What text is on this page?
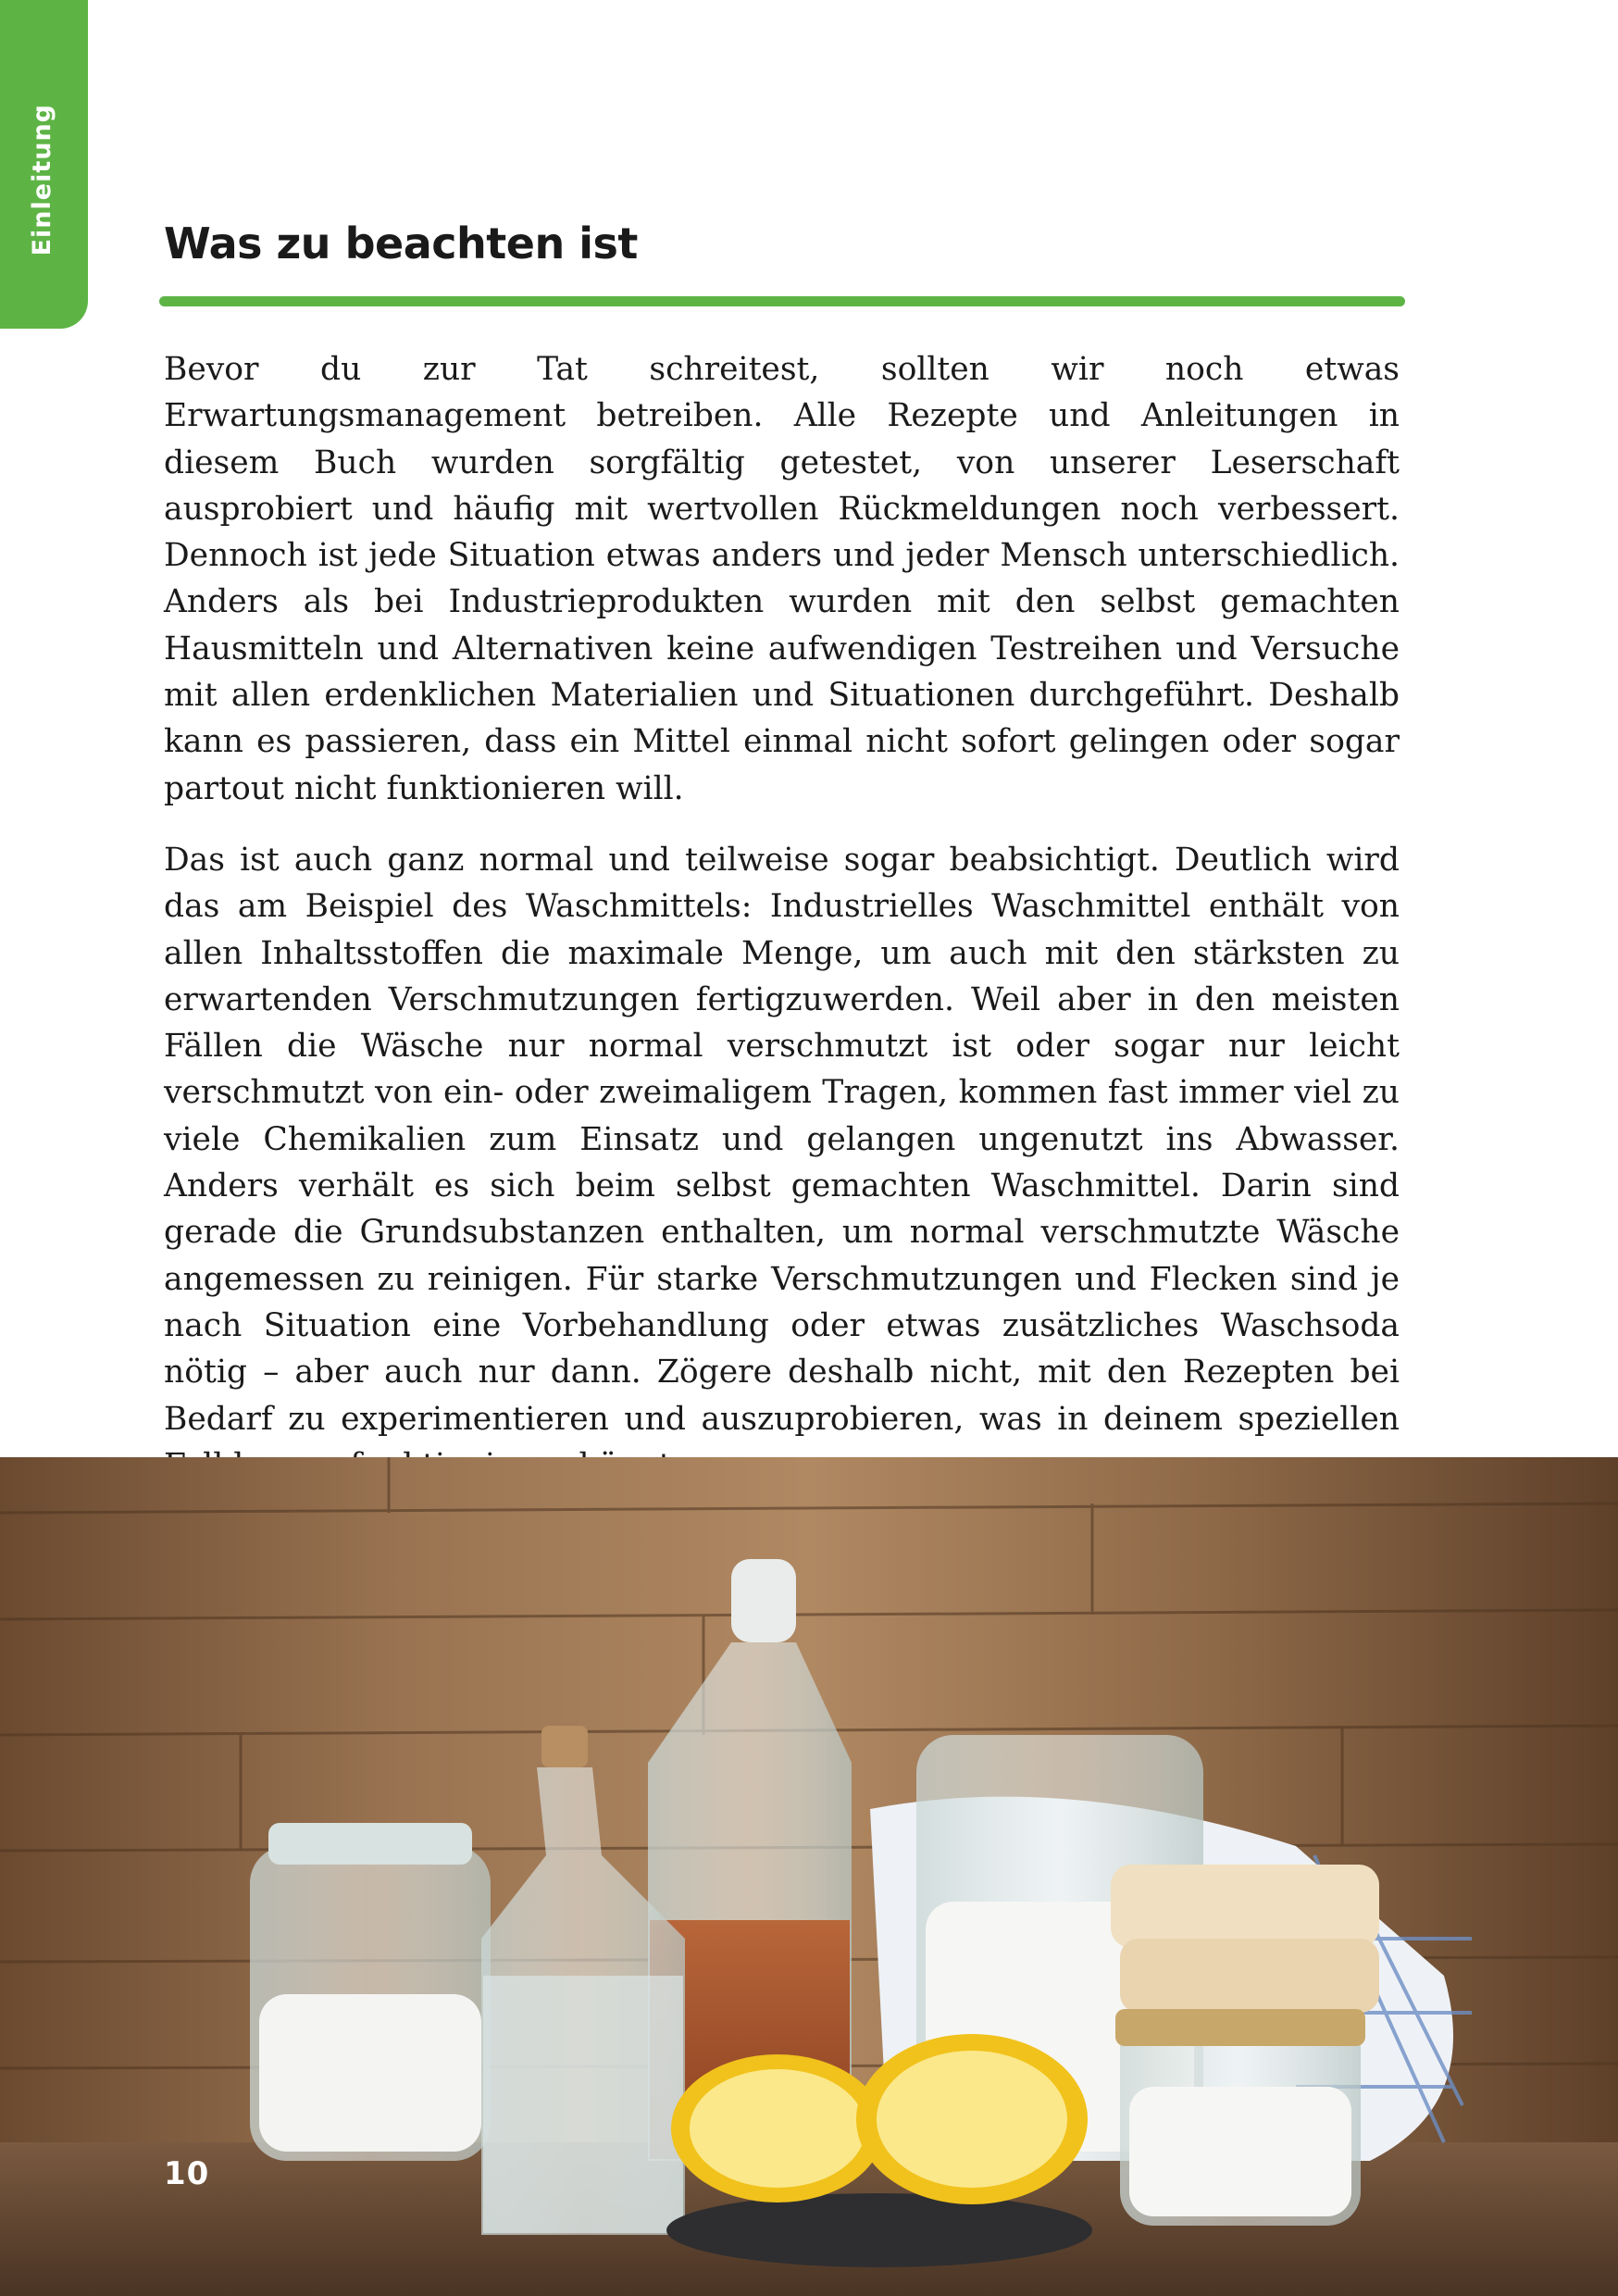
Einleitung	Was zu beachten ist

Bevor du zur Tat schreitest, sollten wir noch etwas Erwartungsmanagement betreiben. Alle Rezepte und Anleitungen in diesem Buch wurden sorgfältig getestet, von unserer Leserschaft ausprobiert und häufig mit wertvollen Rückmeldungen noch verbessert. Dennoch ist jede Situation etwas anders und jeder Mensch unterschiedlich. Anders als bei Industrieprodukten wurden mit den selbst gemachten Hausmitteln und Alternativen keine aufwendigen Testreihen und Versuche mit allen erdenklichen Materialien und Situationen durchgeführt. Deshalb kann es passieren, dass ein Mittel einmal nicht sofort gelingen oder sogar partout nicht funktionieren will.

Das ist auch ganz normal und teilweise sogar beabsichtigt. Deutlich wird das am Beispiel des Waschmittels: Industrielles Waschmittel enthält von allen Inhaltsstoffen die maximale Menge, um auch mit den stärksten zu erwartenden Verschmutzungen fertigzuwerden. Weil aber in den meisten Fällen die Wäsche nur normal verschmutzt ist oder sogar nur leicht verschmutzt von ein- oder zweimaligem Tragen, kommen fast immer viel zu viele Chemikalien zum Einsatz und gelangen ungenutzt ins Abwasser. Anders verhält es sich beim selbst gemachten Waschmittel. Darin sind gerade die Grundsubstanzen enthalten, um normal verschmutzte Wäsche angemessen zu reinigen. Für starke Verschmutzungen und Flecken sind je nach Situation eine Vorbehandlung oder etwas zusätzliches Waschsoda nötig – aber auch nur dann. Zögere deshalb nicht, mit den Rezepten bei Bedarf zu experimentieren und auszuprobieren, was in deinem speziellen

10
